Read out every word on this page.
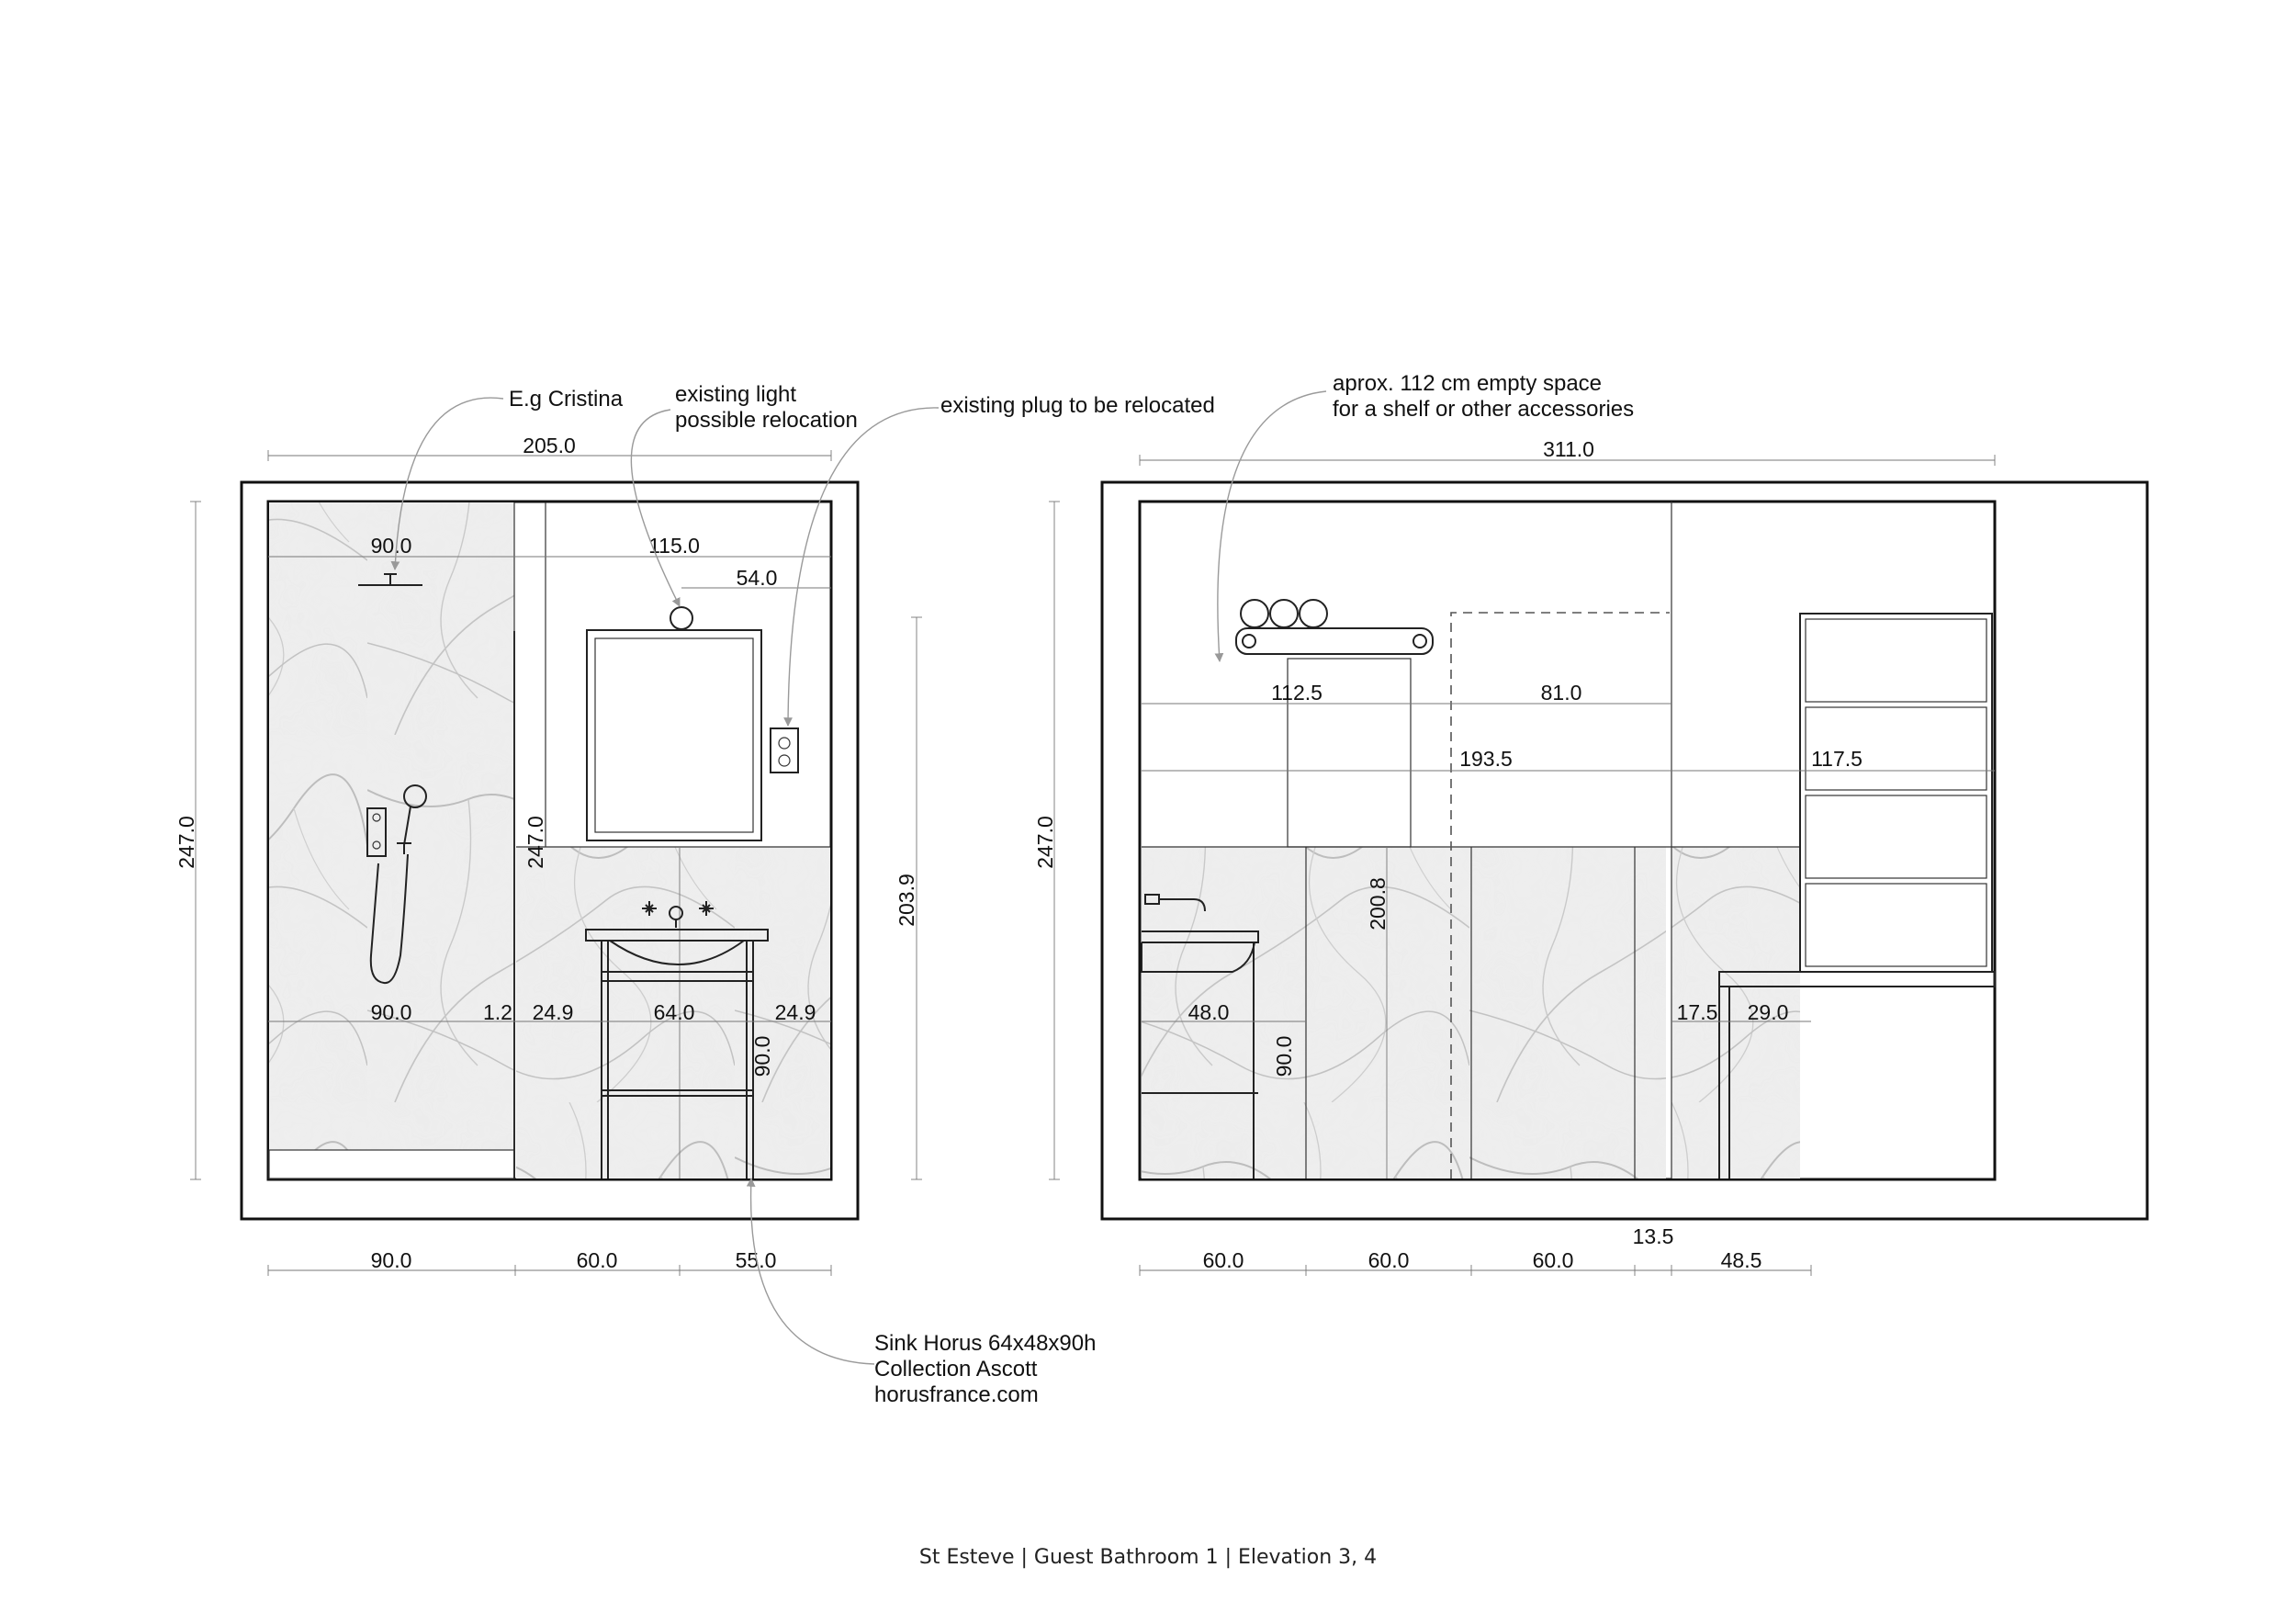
205.0
90.0	115.0
54.0
90.0	1.2 24.9	64.0	24.9
247.0	247.0
90.0
203.9
90.0	60.0	55.0
E.g Cristina existing light
possible relocation
existing plug to be relocated
Sink Horus 64x48x90h
Collection Ascott
horusfrance.com
311.0
247.0
112.5	81.0
193.5	117.5
200.8
48.0
90.0
17.5 29.0
13.5
60.0	60.0	60.0	48.5
aprox. 112 cm empty space
for a shelf or other accessories
St Esteve | Guest Bathroom 1 | Elevation 3, 4
